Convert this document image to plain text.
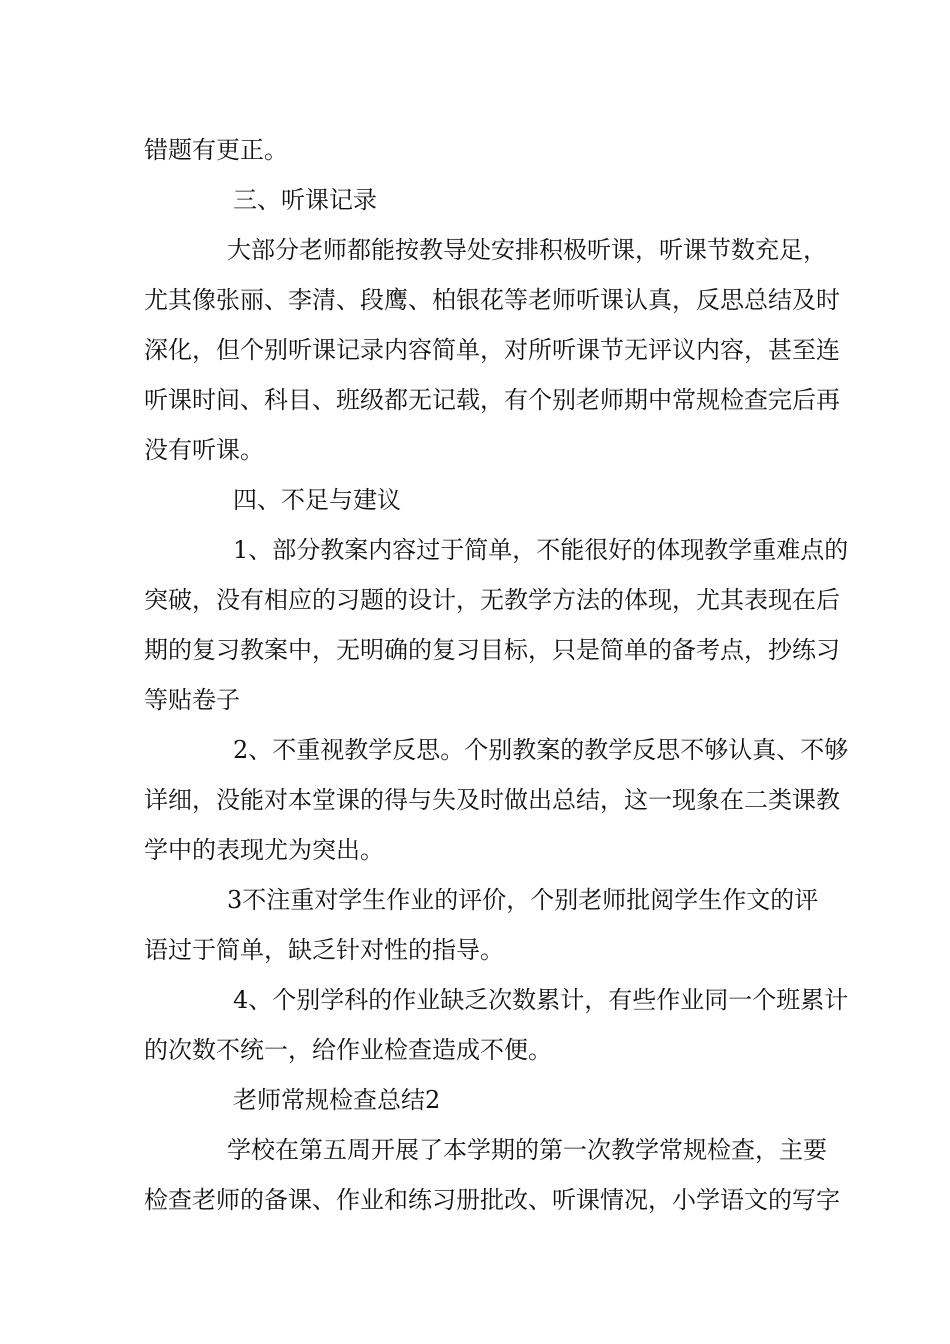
错题有更正。
三、听课记录
大部分老师都能按教导处安排积极听课，听课节数充足，
尤其像张丽、李清、段鹰、柏银花等老师听课认真，反思总结及时
深化，但个别听课记录内容简单，对所听课节无评议内容，甚至连
听课时间、科目、班级都无记载，有个别老师期中常规检查完后再
没有听课。
四、不足与建议
1、部分教案内容过于简单，不能很好的体现教学重难点的
突破，没有相应的习题的设计，无教学方法的体现，尤其表现在后
期的复习教案中，无明确的复习目标，只是简单的备考点，抄练习
等贴卷子
2、不重视教学反思。个别教案的教学反思不够认真、不够
详细，没能对本堂课的得与失及时做出总结，这一现象在二类课教
学中的表现尤为突出。
3不注重对学生作业的评价，个别老师批阅学生作文的评
语过于简单，缺乏针对性的指导。
4、个别学科的作业缺乏次数累计，有些作业同一个班累计
的次数不统一，给作业检查造成不便。
老师常规检查总结2
学校在第五周开展了本学期的第一次教学常规检查，主要
检查老师的备课、作业和练习册批改、听课情况，小学语文的写字
